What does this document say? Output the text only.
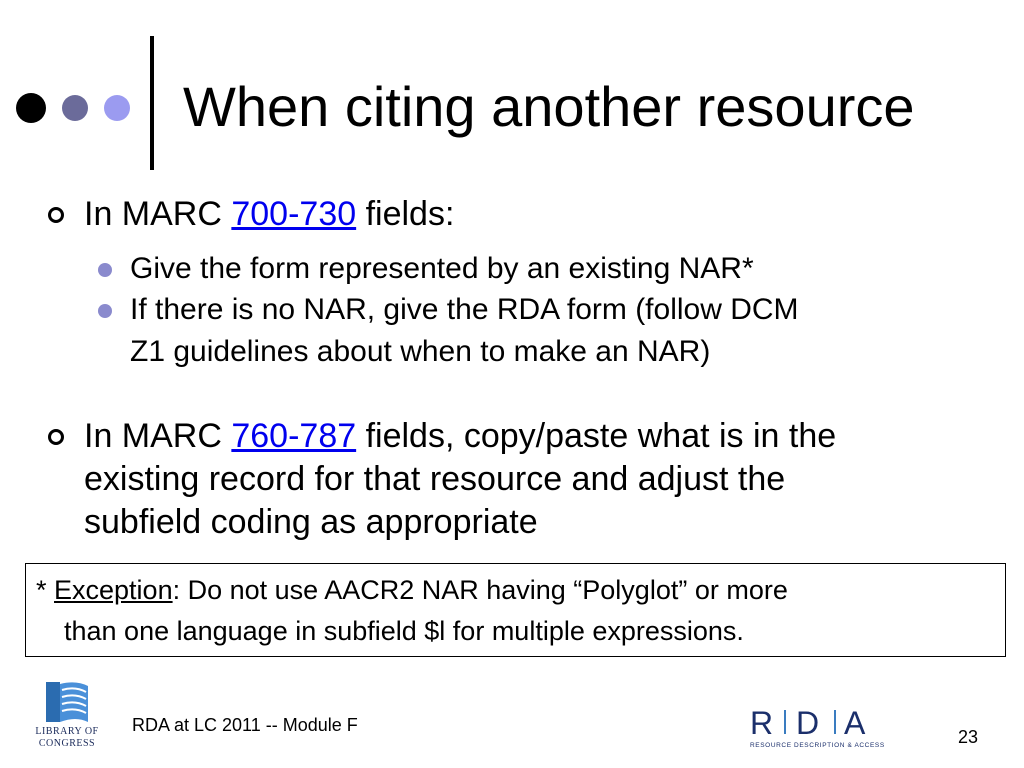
When citing another resource
In MARC 700-730 fields:
Give the form represented by an existing NAR*
If there is no NAR, give the RDA form (follow DCM
Z1 guidelines about when to make an NAR)
In MARC 760-787 fields, copy/paste what is in the
existing record for that resource and adjust the
subfield coding as appropriate
* Exception: Do not use AACR2 NAR having “Polyglot” or more
than one language in subfield $l for multiple expressions.
LIBRARY OF
CONGRESS
RDA at LC 2011 -- Module F	R D A
RESOURCE DESCRIPTION & ACCESS	23
